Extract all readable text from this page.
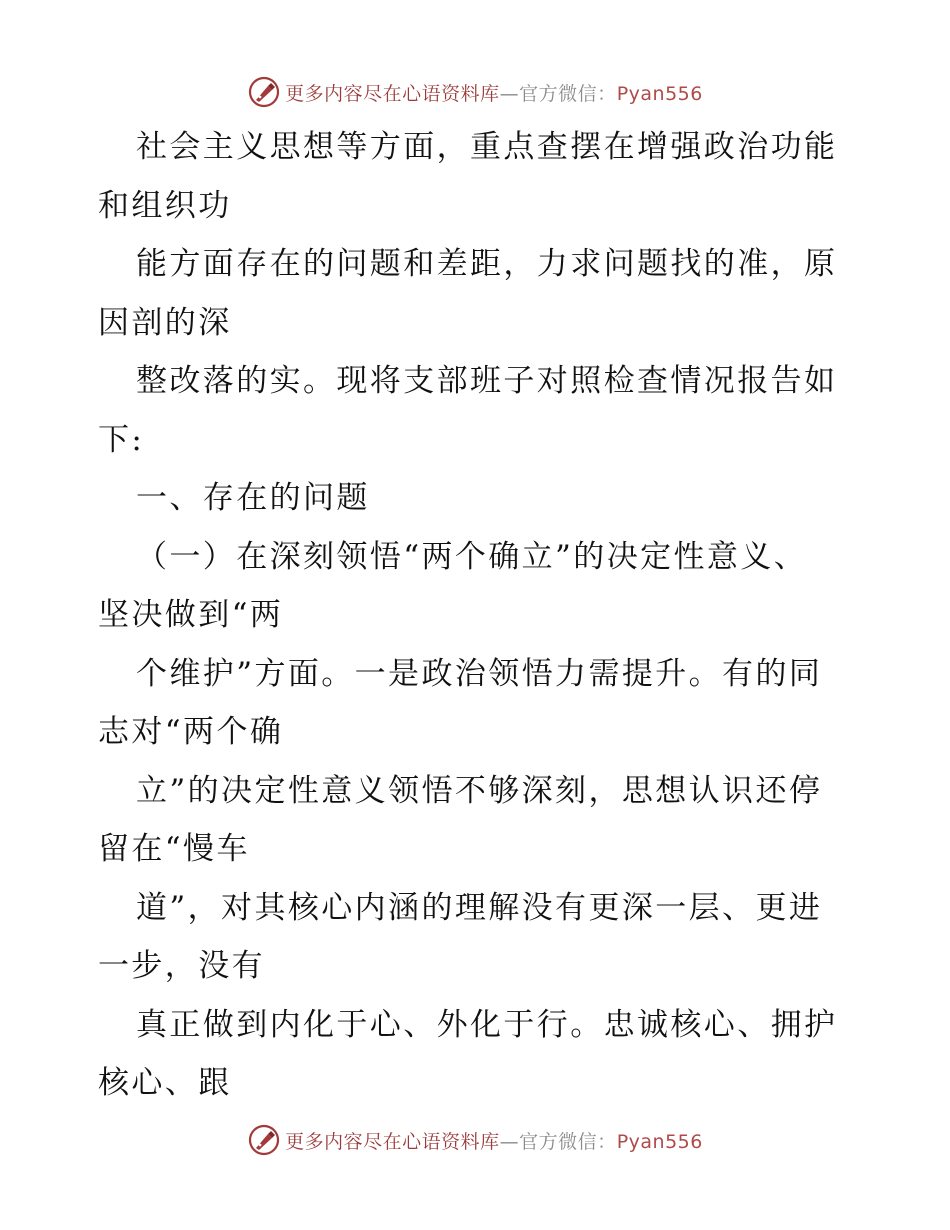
更多内容尽在心语资料库—官方微信：Pyan556
社会主义思想等方面，重点查摆在增强政治功能
和组织功
能方面存在的问题和差距，力求问题找的准，原
因剖的深
整改落的实。现将支部班子对照检查情况报告如
下:
一、存在的问题
（一）在深刻领悟“两个确立”的决定性意义、
坚决做到“两
个维护”方面。一是政治领悟力需提升。有的同
志对“两个确
立”的决定性意义领悟不够深刻，思想认识还停
留在“慢车
道”，对其核心内涵的理解没有更深一层、更进
一步，没有
真正做到内化于心、外化于行。忠诚核心、拥护
核心、跟
更多内容尽在心语资料库—官方微信：Pyan556
